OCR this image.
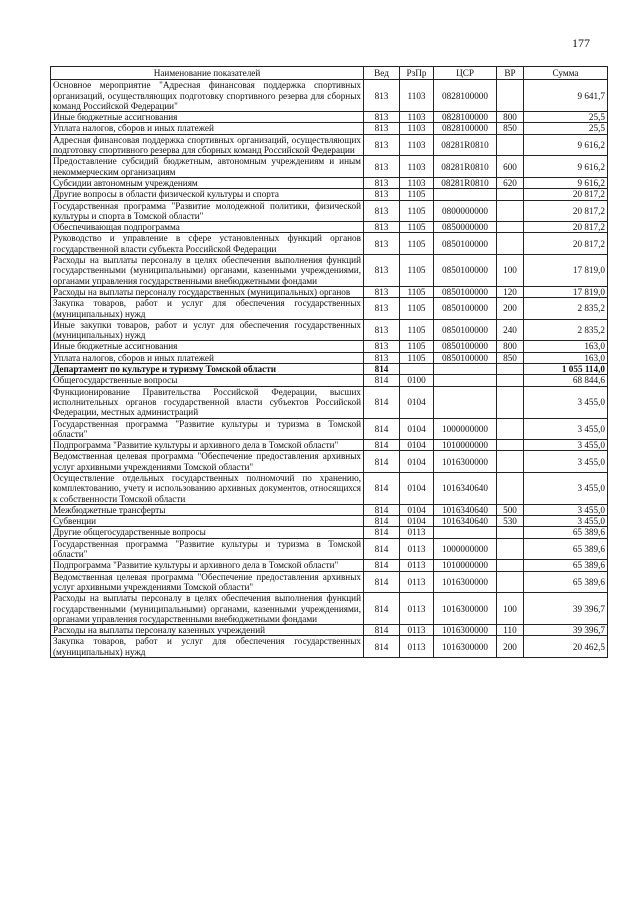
177
Наименование показателей	Вед	РзПр	ЦСР	ВР	Сумма
Основное мероприятие "Адресная финансовая поддержка спортивных организаций, осуществляющих подготовку спортивного резерва для сборных команд Российской Федерации"	813	1103	0828100000		9 641,7
Иные бюджетные ассигнования	813	1103	0828100000	800	25,5
Уплата налогов, сборов и иных платежей	813	1103	0828100000	850	25,5
Адресная финансовая поддержка спортивных организаций, осуществляющих подготовку спортивного резерва для сборных команд Российской Федерации	813	1103	08281R0810		9 616,2
Предоставление субсидий бюджетным, автономным учреждениям и иным некоммерческим организациям	813	1103	08281R0810	600	9 616,2
Субсидии автономным учреждениям	813	1103	08281R0810	620	9 616,2
Другие вопросы в области физической культуры и спорта	813	1105			20 817,2
Государственная программа "Развитие молодежной политики, физической культуры и спорта в Томской области"	813	1105	0800000000		20 817,2
Обеспечивающая подпрограмма	813	1105	0850000000		20 817,2
Руководство и управление в сфере установленных функций органов государственной власти субъекта Российской Федерации	813	1105	0850100000		20 817,2
Расходы на выплаты персоналу в целях обеспечения выполнения функций государственными (муниципальными) органами, казенными учреждениями, органами управления государственными внебюджетными фондами	813	1105	0850100000	100	17 819,0
Расходы на выплаты персоналу государственных (муниципальных) органов	813	1105	0850100000	120	17 819,0
Закупка товаров, работ и услуг для обеспечения государственных (муниципальных) нужд	813	1105	0850100000	200	2 835,2
Иные закупки товаров, работ и услуг для обеспечения государственных (муниципальных) нужд	813	1105	0850100000	240	2 835,2
Иные бюджетные ассигнования	813	1105	0850100000	800	163,0
Уплата налогов, сборов и иных платежей	813	1105	0850100000	850	163,0
Департамент по культуре и туризму Томской области	814				1 055 114,0
Общегосударственные вопросы	814	0100			68 844,6
Функционирование Правительства Российской Федерации, высших исполнительных органов государственной власти субъектов Российской Федерации, местных администраций	814	0104			3 455,0
Государственная программа "Развитие культуры и туризма в Томской области"	814	0104	1000000000		3 455,0
Подпрограмма "Развитие культуры и архивного дела в Томской области"	814	0104	1010000000		3 455,0
Ведомственная целевая программа "Обеспечение предоставления архивных услуг архивными учреждениями Томской области"	814	0104	1016300000		3 455,0
Осуществление отдельных государственных полномочий по хранению, комплектованию, учету и использованию архивных документов, относящихся к собственности Томской области	814	0104	1016340640		3 455,0
Межбюджетные трансферты	814	0104	1016340640	500	3 455,0
Субвенции	814	0104	1016340640	530	3 455,0
Другие общегосударственные вопросы	814	0113			65 389,6
Государственная программа "Развитие культуры и туризма в Томской области"	814	0113	1000000000		65 389,6
Подпрограмма "Развитие культуры и архивного дела в Томской области"	814	0113	1010000000		65 389,6
Ведомственная целевая программа "Обеспечение предоставления архивных услуг архивными учреждениями Томской области"	814	0113	1016300000		65 389,6
Расходы на выплаты персоналу в целях обеспечения выполнения функций государственными (муниципальными) органами, казенными учреждениями, органами управления государственными внебюджетными фондами	814	0113	1016300000	100	39 396,7
Расходы на выплаты персоналу казенных учреждений	814	0113	1016300000	110	39 396,7
Закупка товаров, работ и услуг для обеспечения государственных (муниципальных) нужд	814	0113	1016300000	200	20 462,5
